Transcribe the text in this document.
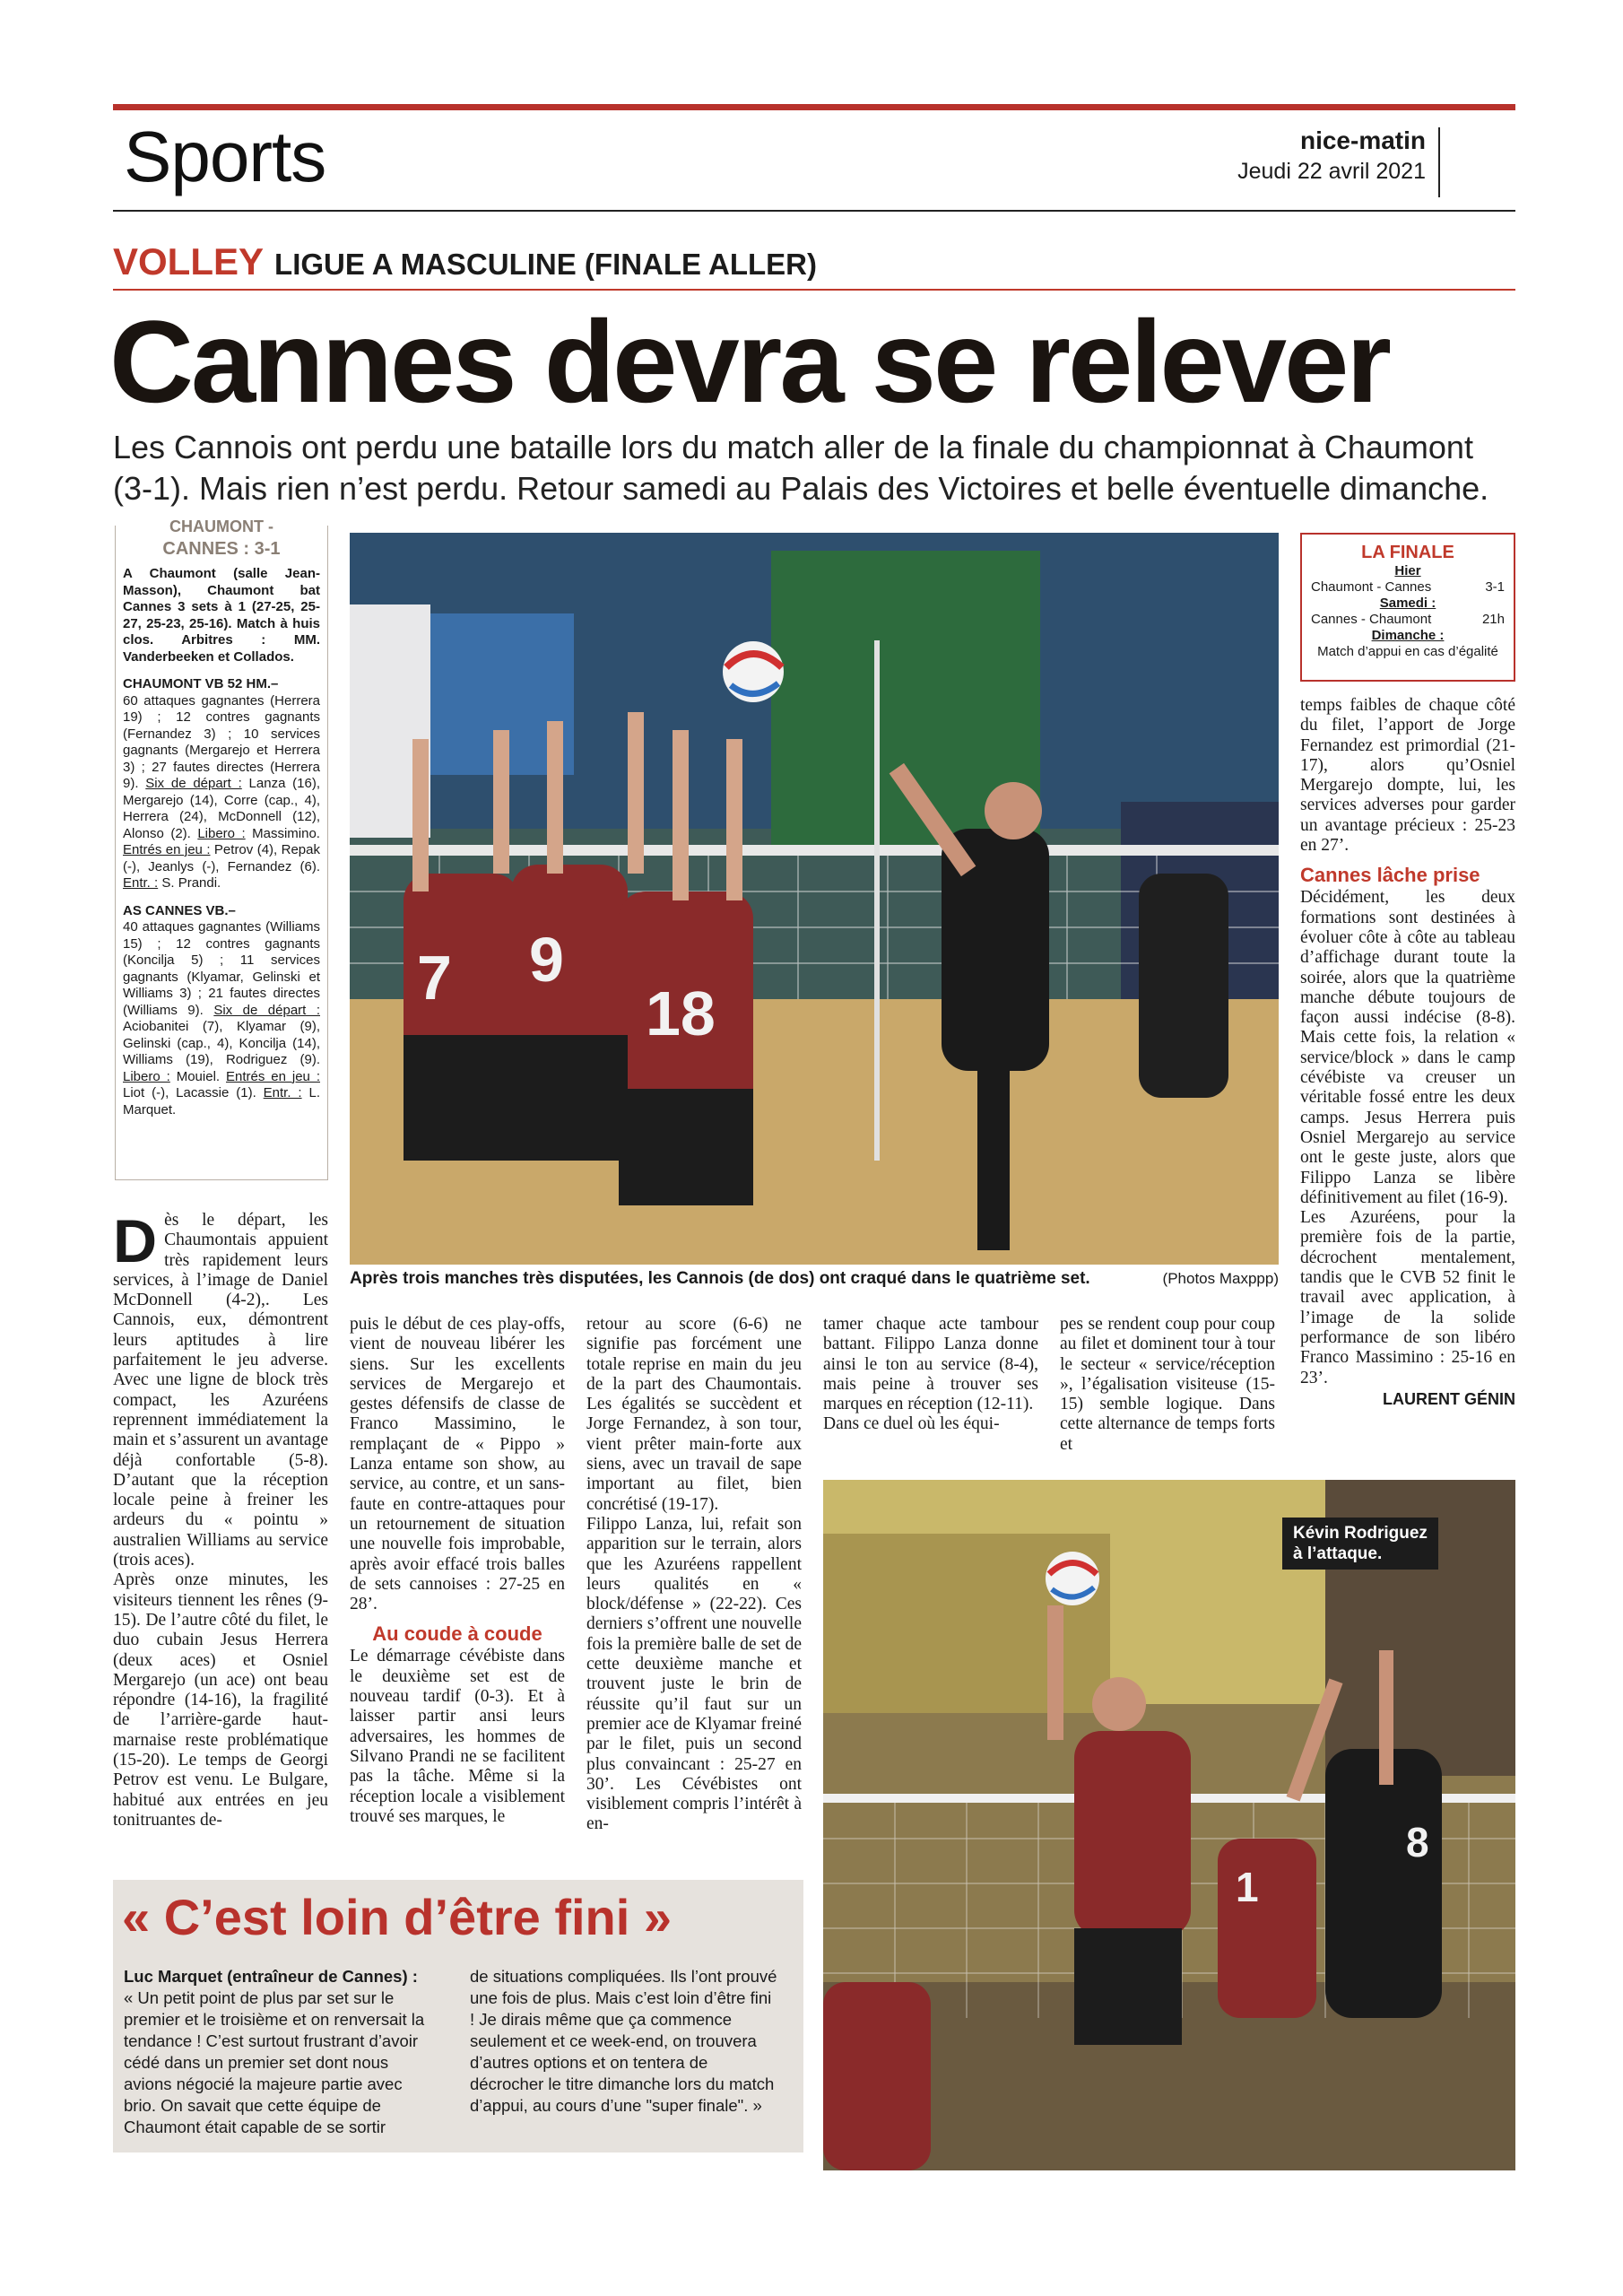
Sports	nice-matin
Jeudi 22 avril 2021
VOLLEY LIGUE A MASCULINE (FINALE ALLER)
Cannes devra se relever
Les Cannois ont perdu une bataille lors du match aller de la finale du championnat à Chaumont (3-1). Mais rien n’est perdu. Retour samedi au Palais des Victoires et belle éventuelle dimanche.
CHAUMONT -
CANNES : 3-1
A Chaumont (salle Jean-Masson), Chaumont bat Cannes 3 sets à 1 (27-25, 25-27, 25-23, 25-16). Match à huis clos. Arbitres : MM. Vanderbeeken et Collados.
CHAUMONT VB 52 HM.–
60 attaques gagnantes (Herrera 19) ; 12 contres gagnants (Fernandez 3) ; 10 services gagnants (Mergarejo et Herrera 3) ; 27 fautes directes (Herrera 9). Six de départ : Lanza (16), Mergarejo (14), Corre (cap., 4), Herrera (24), McDonnell (12), Alonso (2). Libero : Massimino. Entrés en jeu : Petrov (4), Repak (-), Jeanlys (-), Fernandez (6). Entr. : S. Prandi.
AS CANNES VB.–
40 attaques gagnantes (Williams 15) ; 12 contres gagnants (Koncilja 5) ; 11 services gagnants (Klyamar, Gelinski et Williams 3) ; 21 fautes directes (Williams 9). Six de départ : Aciobanitei (7), Klyamar (9), Gelinski (cap., 4), Koncilja (14), Williams (19), Rodriguez (9). Libero : Mouiel. Entrés en jeu : Liot (-), Lacassie (1). Entr. : L. Marquet.
LA FINALE
Hier
Chaumont - Cannes	3-1
Samedi :
Cannes - Chaumont	21h
Dimanche :
Match d’appui en cas d’égalité
7 9
18
Après trois manches très disputées, les Cannois (de dos) ont craqué dans le quatrième set.	(Photos Maxppp)
D ès le départ, les Chaumontais appuient très rapidement leurs services, à l’image de Daniel McDonnell (4-2),. Les Cannois, eux, démontrent leurs aptitudes à lire parfaitement le jeu adverse. Avec une ligne de block très compact, les Azuréens reprennent immédiatement la main et s’assurent un avantage déjà confortable (5-8). D’autant que la réception locale peine à freiner les ardeurs du « pointu » australien Williams au service (trois aces).

Après onze minutes, les visiteurs tiennent les rênes (9-15). De l’autre côté du filet, le duo cubain Jesus Herrera (deux aces) et Osniel Mergarejo (un ace) ont beau répondre (14-16), la fragilité de l’arrière-garde haut-marnaise reste problématique (15-20). Le temps de Georgi Petrov est venu. Le Bulgare, habitué aux entrées en jeu tonitruantes de-

puis le début de ces play-offs, vient de nouveau libérer les siens. Sur les excellents services de Mergarejo et gestes défensifs de classe de Franco Massimino, le remplaçant de « Pippo » Lanza entame son show, au service, au contre, et un sans-faute en contre-attaques pour un retournement de situation une nouvelle fois improbable, après avoir effacé trois balles de sets cannoises : 27-25 en 28’.

Au coude à coude

Le démarrage cévébiste dans le deuxième set est de nouveau tardif (0-3). Et à laisser partir ansi leurs adversaires, les hommes de Silvano Prandi ne se facilitent pas la tâche. Même si la réception locale a visiblement trouvé ses marques, le

retour au score (6-6) ne signifie pas forcément une totale reprise en main du jeu de la part des Chaumontais. Les égalités se succèdent et Jorge Fernandez, à son tour, vient prêter main-forte aux siens, avec un travail de sape important au filet, bien concrétisé (19-17).

Filippo Lanza, lui, refait son apparition sur le terrain, alors que les Azuréens rappellent leurs qualités en « block/défense » (22-22). Ces derniers s’offrent une nouvelle fois la première balle de set de cette deuxième manche et trouvent juste le brin de réussite qu’il faut sur un premier ace de Klyamar freiné par le filet, puis un second plus convaincant : 25-27 en 30’. Les Cévébistes ont visiblement compris l’intérêt à en-

tamer chaque acte tambour battant. Filippo Lanza donne ainsi le ton au service (8-4), mais peine à trouver ses marques en réception (12-11).

Dans ce duel où les équi-

pes se rendent coup pour coup au filet et dominent tour à tour le secteur « service/réception », l’égalisation visiteuse (15-15) semble logique. Dans cette alternance de temps forts et

temps faibles de chaque côté du filet, l’apport de Jorge Fernandez est primordial (21-17), alors qu’Osniel Mergarejo dompte, lui, les services adverses pour garder un avantage précieux : 25-23 en 27’.

Cannes lâche prise

Décidément, les deux formations sont destinées à évoluer côte à côte au tableau d’affichage durant toute la soirée, alors que la quatrième manche débute toujours de façon aussi indécise (8-8). Mais cette fois, la relation « service/block » dans le camp cévébiste va creuser un véritable fossé entre les deux camps. Jesus Herrera puis Osniel Mergarejo au service ont le geste juste, alors que Filippo Lanza se libère définitivement au filet (16-9).

Les Azuréens, pour la première fois de la partie, décrochent mentalement, tandis que le CVB 52 finit le travail avec application, à l’image de la solide performance de son libéro Franco Massimino : 25-16 en 23’.

LAURENT GÉNIN
8
1
Kévin Rodriguez
à l’attaque.
« C’est loin d’être fini »
Luc Marquet (entraîneur de Cannes) :
« Un petit point de plus par set sur le premier et le troisième et on renversait la tendance ! C’est surtout frustrant d’avoir cédé dans un premier set dont nous avions négocié la majeure partie avec brio. On savait que cette équipe de Chaumont était capable de se sortir
de situations compliquées. Ils l’ont prouvé une fois de plus. Mais c’est loin d’être fini ! Je dirais même que ça commence seulement et ce week-end, on trouvera d’autres options et on tentera de décrocher le titre dimanche lors du match d’appui, au cours d’une "super finale". »
